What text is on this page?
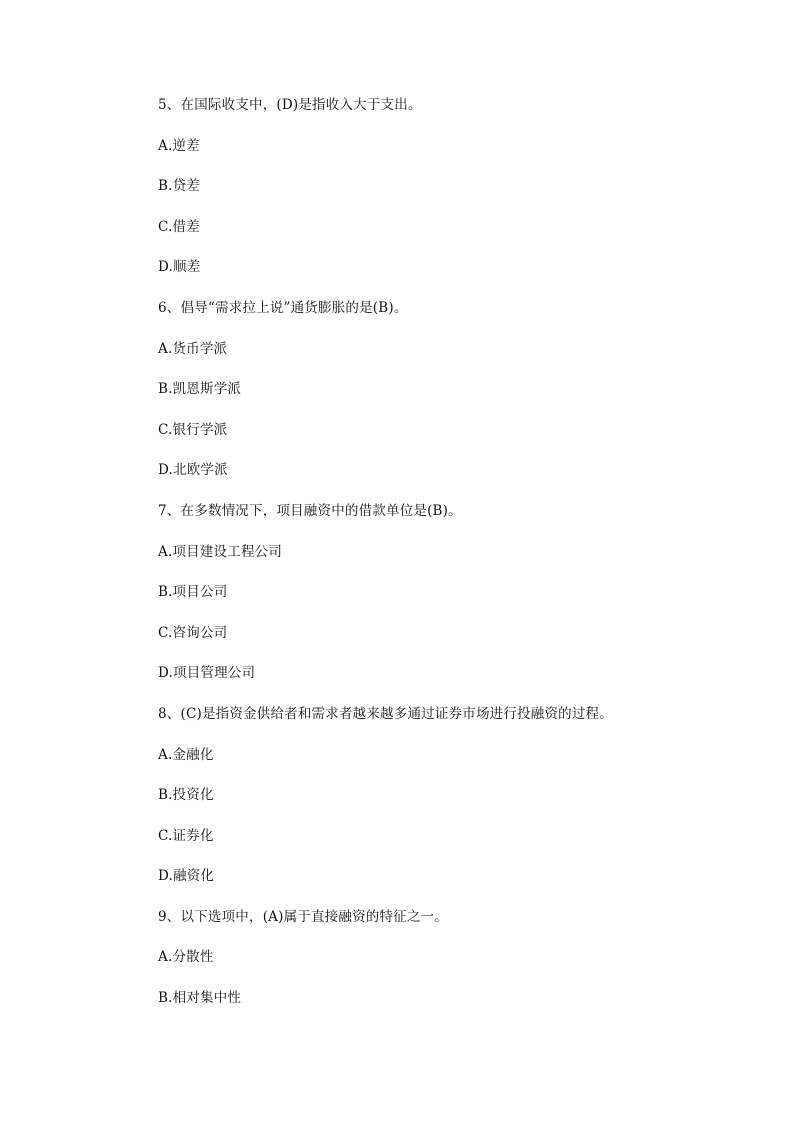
5、在国际收支中，(D)是指收入大于支出。
A.逆差
B.贷差
C.借差
D.顺差
6、倡导“需求拉上说”通货膨胀的是(B)。
A.货币学派
B.凯恩斯学派
C.银行学派
D.北欧学派
7、在多数情况下，项目融资中的借款单位是(B)。
A.项目建设工程公司
B.项目公司
C.咨询公司
D.项目管理公司
8、(C)是指资金供给者和需求者越来越多通过证券市场进行投融资的过程。
A.金融化
B.投资化
C.证券化
D.融资化
9、以下选项中，(A)属于直接融资的特征之一。
A.分散性
B.相对集中性
